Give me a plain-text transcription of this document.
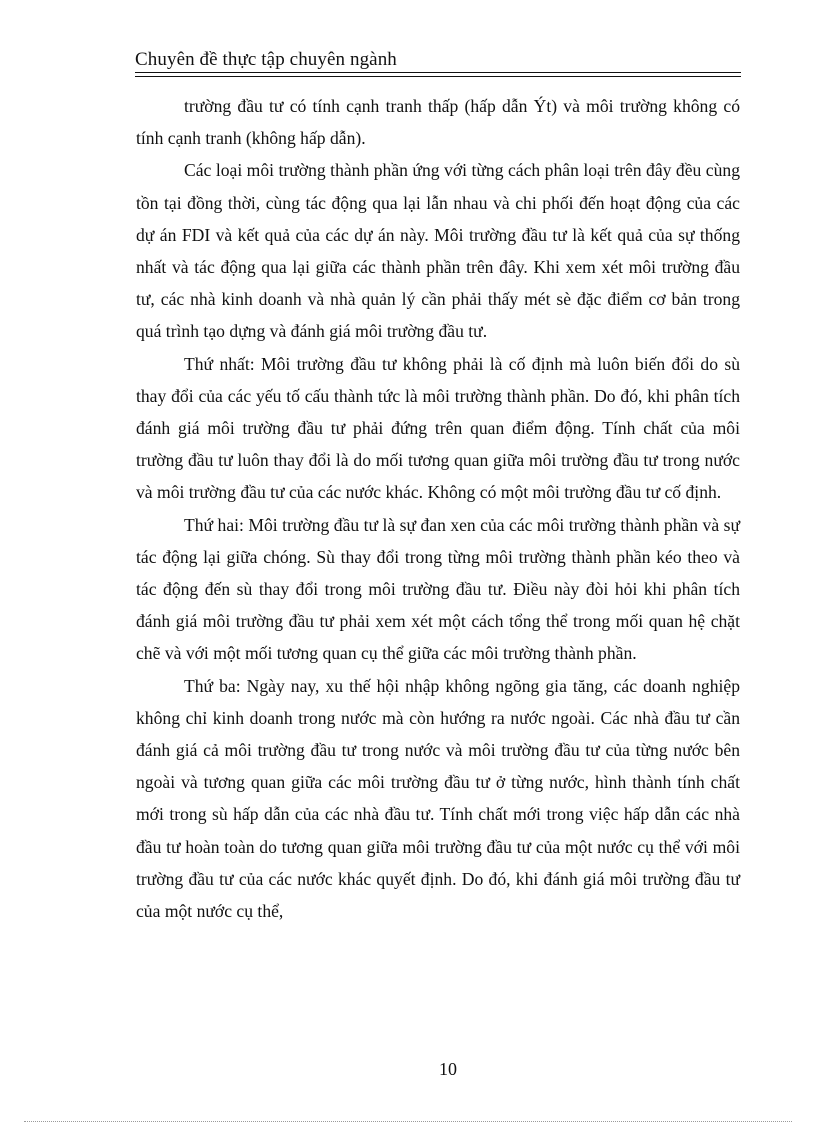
Chuyên đề thực tập chuyên ngành

trường đầu tư có tính cạnh tranh thấp (hấp dẫn Ýt) và môi trường không có tính cạnh tranh (không hấp dẫn).

Các loại môi trường thành phần ứng với từng cách phân loại trên đây đều cùng tồn tại đồng thời, cùng tác động qua lại lẫn nhau và chi phối đến hoạt động của các dự án FDI và kết quả của các dự án này. Môi trường đầu tư là kết quả của sự thống nhất và tác động qua lại giữa các thành phần trên đây. Khi xem xét môi trường đầu tư, các nhà kinh doanh và nhà quản lý cần phải thấy mét sè đặc điểm cơ bản trong quá trình tạo dựng và đánh giá môi trường đầu tư.

Thứ nhất: Môi trường đầu tư không phải là cố định mà luôn biến đổi do sù thay đổi của các yếu tố cấu thành tức là môi trường thành phần. Do đó, khi phân tích đánh giá môi trường đầu tư phải đứng trên quan điểm động. Tính chất của môi trường đầu tư luôn thay đổi là do mối tương quan giữa môi trường đầu tư trong nước và môi trường đầu tư của các nước khác. Không có một môi trường đầu tư cố định.

Thứ hai: Môi trường đầu tư là sự đan xen của các môi trường thành phần và sự tác động lại giữa chóng. Sù thay đổi trong từng môi trường thành phần kéo theo và tác động đến sù thay đổi trong môi trường đầu tư. Điều này đòi hỏi khi phân tích đánh giá môi trường đầu tư phải xem xét một cách tổng thể trong mối quan hệ chặt chẽ và với một mối tương quan cụ thể giữa các môi trường thành phần.

Thứ ba: Ngày nay, xu thế hội nhập không ngõng gia tăng, các doanh nghiệp không chỉ kinh doanh trong nước mà còn hướng ra nước ngoài. Các nhà đầu tư cần đánh giá cả môi trường đầu tư trong nước và môi trường đầu tư của từng nước bên ngoài và tương quan giữa các môi trường đầu tư ở từng nước, hình thành tính chất mới trong sù hấp dẫn của các nhà đầu tư. Tính chất mới trong việc hấp dẫn các nhà đầu tư hoàn toàn do tương quan giữa môi trường đầu tư của một nước cụ thể với môi trường đầu tư của các nước khác quyết định. Do đó, khi đánh giá môi trường đầu tư của một nước cụ thể,

10
